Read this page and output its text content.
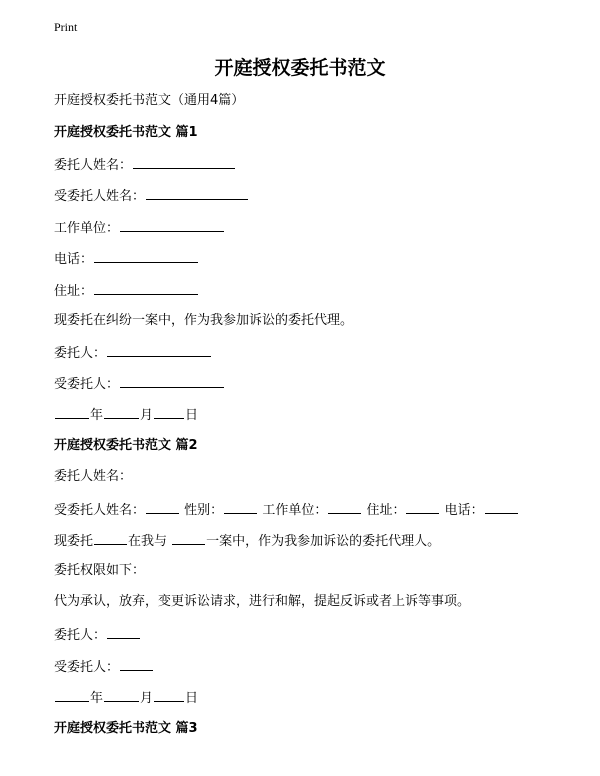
Print
开庭授权委托书范文
开庭授权委托书范文（通用4篇）
开庭授权委托书范文 篇1
委托人姓名：
受委托人姓名：
工作单位：
电话：
住址：
现委托在纠纷一案中，作为我参加诉讼的委托代理。
委托人：
受委托人：
年	月 日
开庭授权委托书范文 篇2
委托人姓名：
受委托人姓名：	性别：	工作单位：	住址：	电话：
现委托	在我与	一案中，作为我参加诉讼的委托代理人。
委托权限如下：
代为承认，放弃，变更诉讼请求，进行和解，提起反诉或者上诉等事项。
委托人：
受委托人：
年	月 日
开庭授权委托书范文 篇3
